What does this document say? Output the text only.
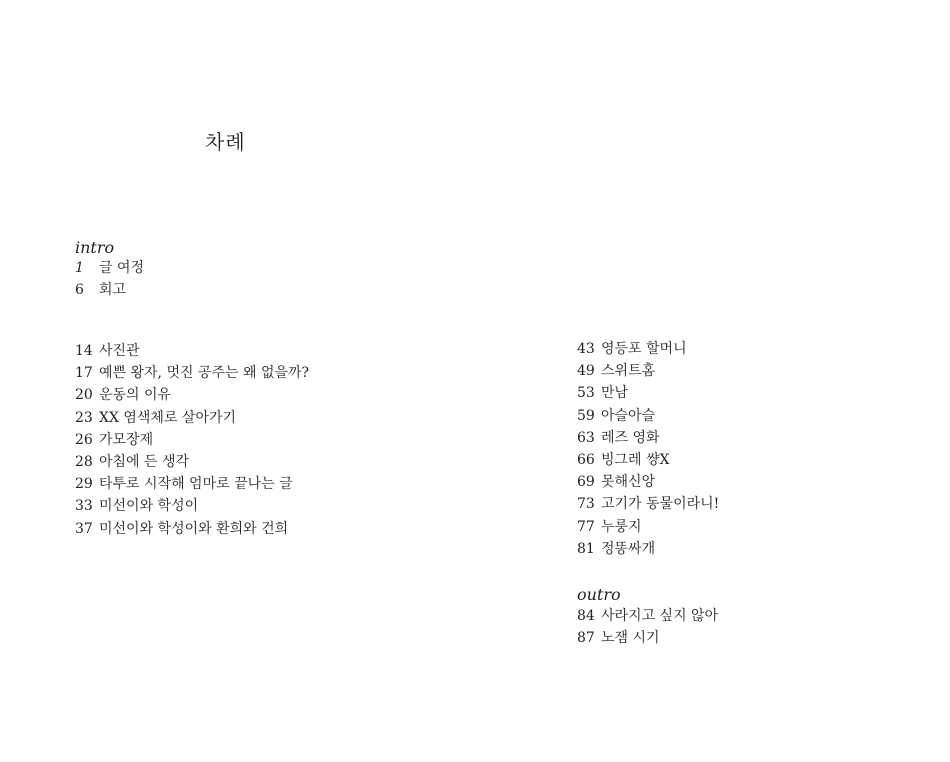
차례
intro
1	글 여정
6	회고
14 사진관
17 예쁜 왕자, 멋진 공주는 왜 없을까?
20 운동의 이유
23 XX 염색체로 살아가기
26 가모장제
28 아침에 든 생각
29 타투로 시작해 엄마로 끝나는 글
33 미선이와 학성이
37 미선이와 학성이와 환희와 건희
43 영등포 할머니
49 스위트홈
53 만남
59 아슬아슬
63 레즈 영화
66 빙그레 썅X
69 못해신앙
73 고기가 동물이라니!
77 누룽지
81 정똥싸개
outro
84 사라지고 싶지 않아
87 노잼 시기
